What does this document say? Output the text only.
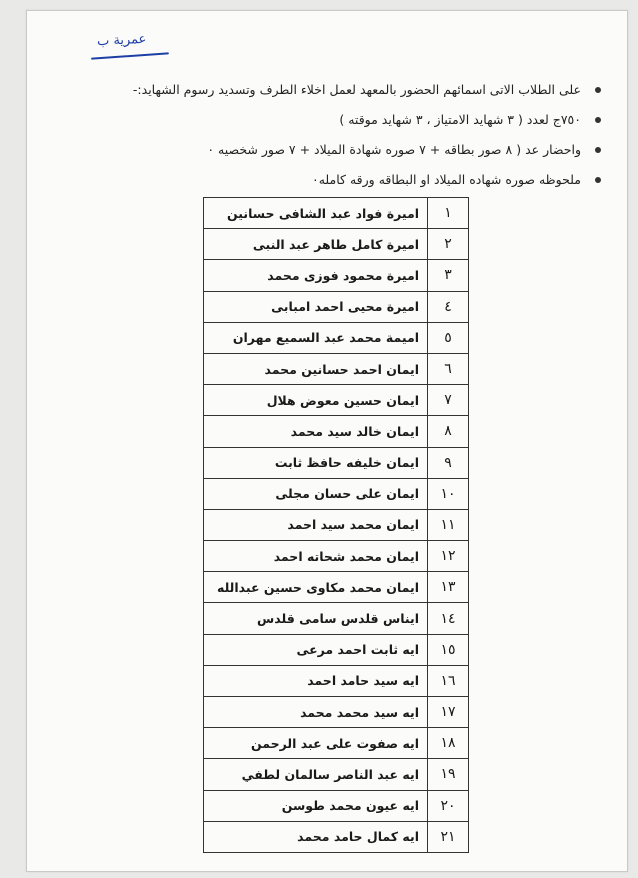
عمرية ب
على الطلاب الاتى اسمائهم الحضور بالمعهد لعمل اخلاء الطرف وتسديد رسوم الشهايد:-
٧٥٠ج لعدد ( ٣ شهايد الامتياز ، ٣ شهايد موقته )
واحضار عد ( ٨ صور بطاقه + ٧ صوره شهادة الميلاد + ٧ صور شخصيه ٠
ملحوظه صوره شهاده الميلاد او البطاقه ورقه كامله٠
١	اميرة فواد عبد الشافى حسانين
٢	اميرة كامل طاهر عبد النبى
٣	اميرة محمود فوزى محمد
٤	اميرة محيى احمد امبابى
٥	اميمة محمد عبد السميع مهران
٦	ايمان احمد حسانين محمد
٧	ايمان حسين معوض هلال
٨	ايمان خالد سيد محمد
٩	ايمان خليفه حافظ ثابت
١٠	ايمان على حسان مجلى
١١	ايمان محمد سيد احمد
١٢	ايمان محمد شحاته احمد
١٣	ايمان محمد مكاوى حسين عبدالله
١٤	ايناس قلدس سامى قلدس
١٥	ايه ثابت احمد مرعى
١٦	ايه سيد حامد احمد
١٧	ايه سيد محمد محمد
١٨	ايه صفوت على عبد الرحمن
١٩	ايه عبد الناصر سالمان لطفي
٢٠	ايه عيون محمد طوسن
٢١	ايه كمال حامد محمد
